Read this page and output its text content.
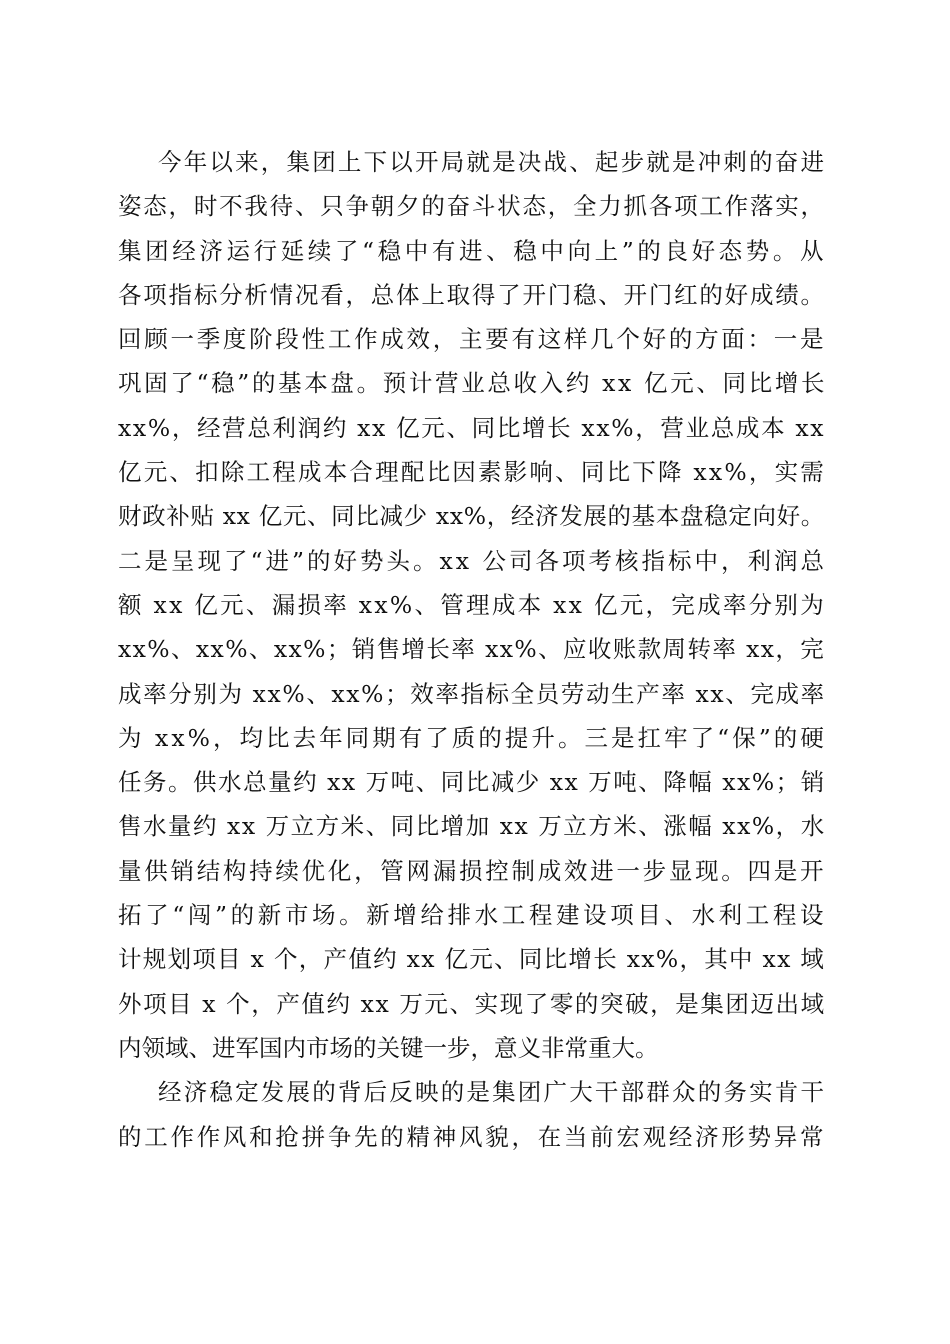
今年以来，集团上下以开局就是决战、起步就是冲刺的奋进
姿态，时不我待、只争朝夕的奋斗状态，全力抓各项工作落实，
集团经济运行延续了“稳中有进、稳中向上”的良好态势。从
各项指标分析情况看，总体上取得了开门稳、开门红的好成绩。
回顾一季度阶段性工作成效，主要有这样几个好的方面：一是
巩固了“稳”的基本盘。预计营业总收入约 xx 亿元、同比增长
xx%，经营总利润约 xx 亿元、同比增长 xx%，营业总成本 xx
亿元、扣除工程成本合理配比因素影响、同比下降 xx%，实需
财政补贴 xx 亿元、同比减少 xx%，经济发展的基本盘稳定向好。
二是呈现了“进”的好势头。xx 公司各项考核指标中，利润总
额 xx 亿元、漏损率 xx%、管理成本 xx 亿元，完成率分别为
xx%、xx%、xx%；销售增长率 xx%、应收账款周转率 xx，完
成率分别为 xx%、xx%；效率指标全员劳动生产率 xx、完成率
为 xx%，均比去年同期有了质的提升。三是扛牢了“保”的硬
任务。供水总量约 xx 万吨、同比减少 xx 万吨、降幅 xx%；销
售水量约 xx 万立方米、同比增加 xx 万立方米、涨幅 xx%，水
量供销结构持续优化，管网漏损控制成效进一步显现。四是开
拓了“闯”的新市场。新增给排水工程建设项目、水利工程设
计规划项目 x 个，产值约 xx 亿元、同比增长 xx%，其中 xx 域
外项目 x 个，产值约 xx 万元、实现了零的突破，是集团迈出域
内领域、进军国内市场的关键一步，意义非常重大。
经济稳定发展的背后反映的是集团广大干部群众的务实肯干
的工作作风和抢拼争先的精神风貌，在当前宏观经济形势异常
